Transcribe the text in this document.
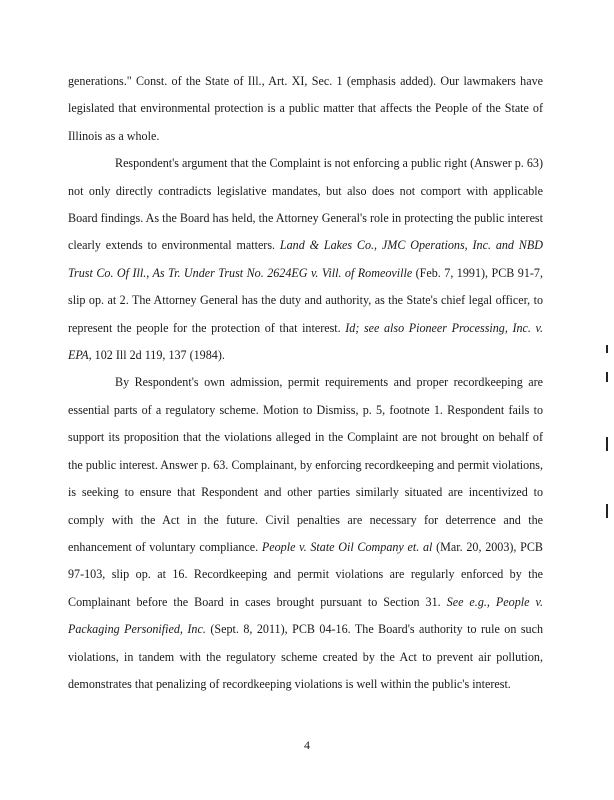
generations." Const. of the State of Ill., Art. XI, Sec. 1 (emphasis added). Our lawmakers have legislated that environmental protection is a public matter that affects the People of the State of Illinois as a whole.

Respondent's argument that the Complaint is not enforcing a public right (Answer p. 63) not only directly contradicts legislative mandates, but also does not comport with applicable Board findings. As the Board has held, the Attorney General's role in protecting the public interest clearly extends to environmental matters. Land & Lakes Co., JMC Operations, Inc. and NBD Trust Co. Of Ill., As Tr. Under Trust No. 2624EG v. Vill. of Romeoville (Feb. 7, 1991), PCB 91-7, slip op. at 2. The Attorney General has the duty and authority, as the State's chief legal officer, to represent the people for the protection of that interest. Id; see also Pioneer Processing, Inc. v. EPA, 102 Ill 2d 119, 137 (1984).

By Respondent's own admission, permit requirements and proper recordkeeping are essential parts of a regulatory scheme. Motion to Dismiss, p. 5, footnote 1. Respondent fails to support its proposition that the violations alleged in the Complaint are not brought on behalf of the public interest. Answer p. 63. Complainant, by enforcing recordkeeping and permit violations, is seeking to ensure that Respondent and other parties similarly situated are incentivized to comply with the Act in the future. Civil penalties are necessary for deterrence and the enhancement of voluntary compliance. People v. State Oil Company et. al (Mar. 20, 2003), PCB 97-103, slip op. at 16. Recordkeeping and permit violations are regularly enforced by the Complainant before the Board in cases brought pursuant to Section 31. See e.g., People v. Packaging Personified, Inc. (Sept. 8, 2011), PCB 04-16. The Board's authority to rule on such violations, in tandem with the regulatory scheme created by the Act to prevent air pollution, demonstrates that penalizing of recordkeeping violations is well within the public's interest.

4
